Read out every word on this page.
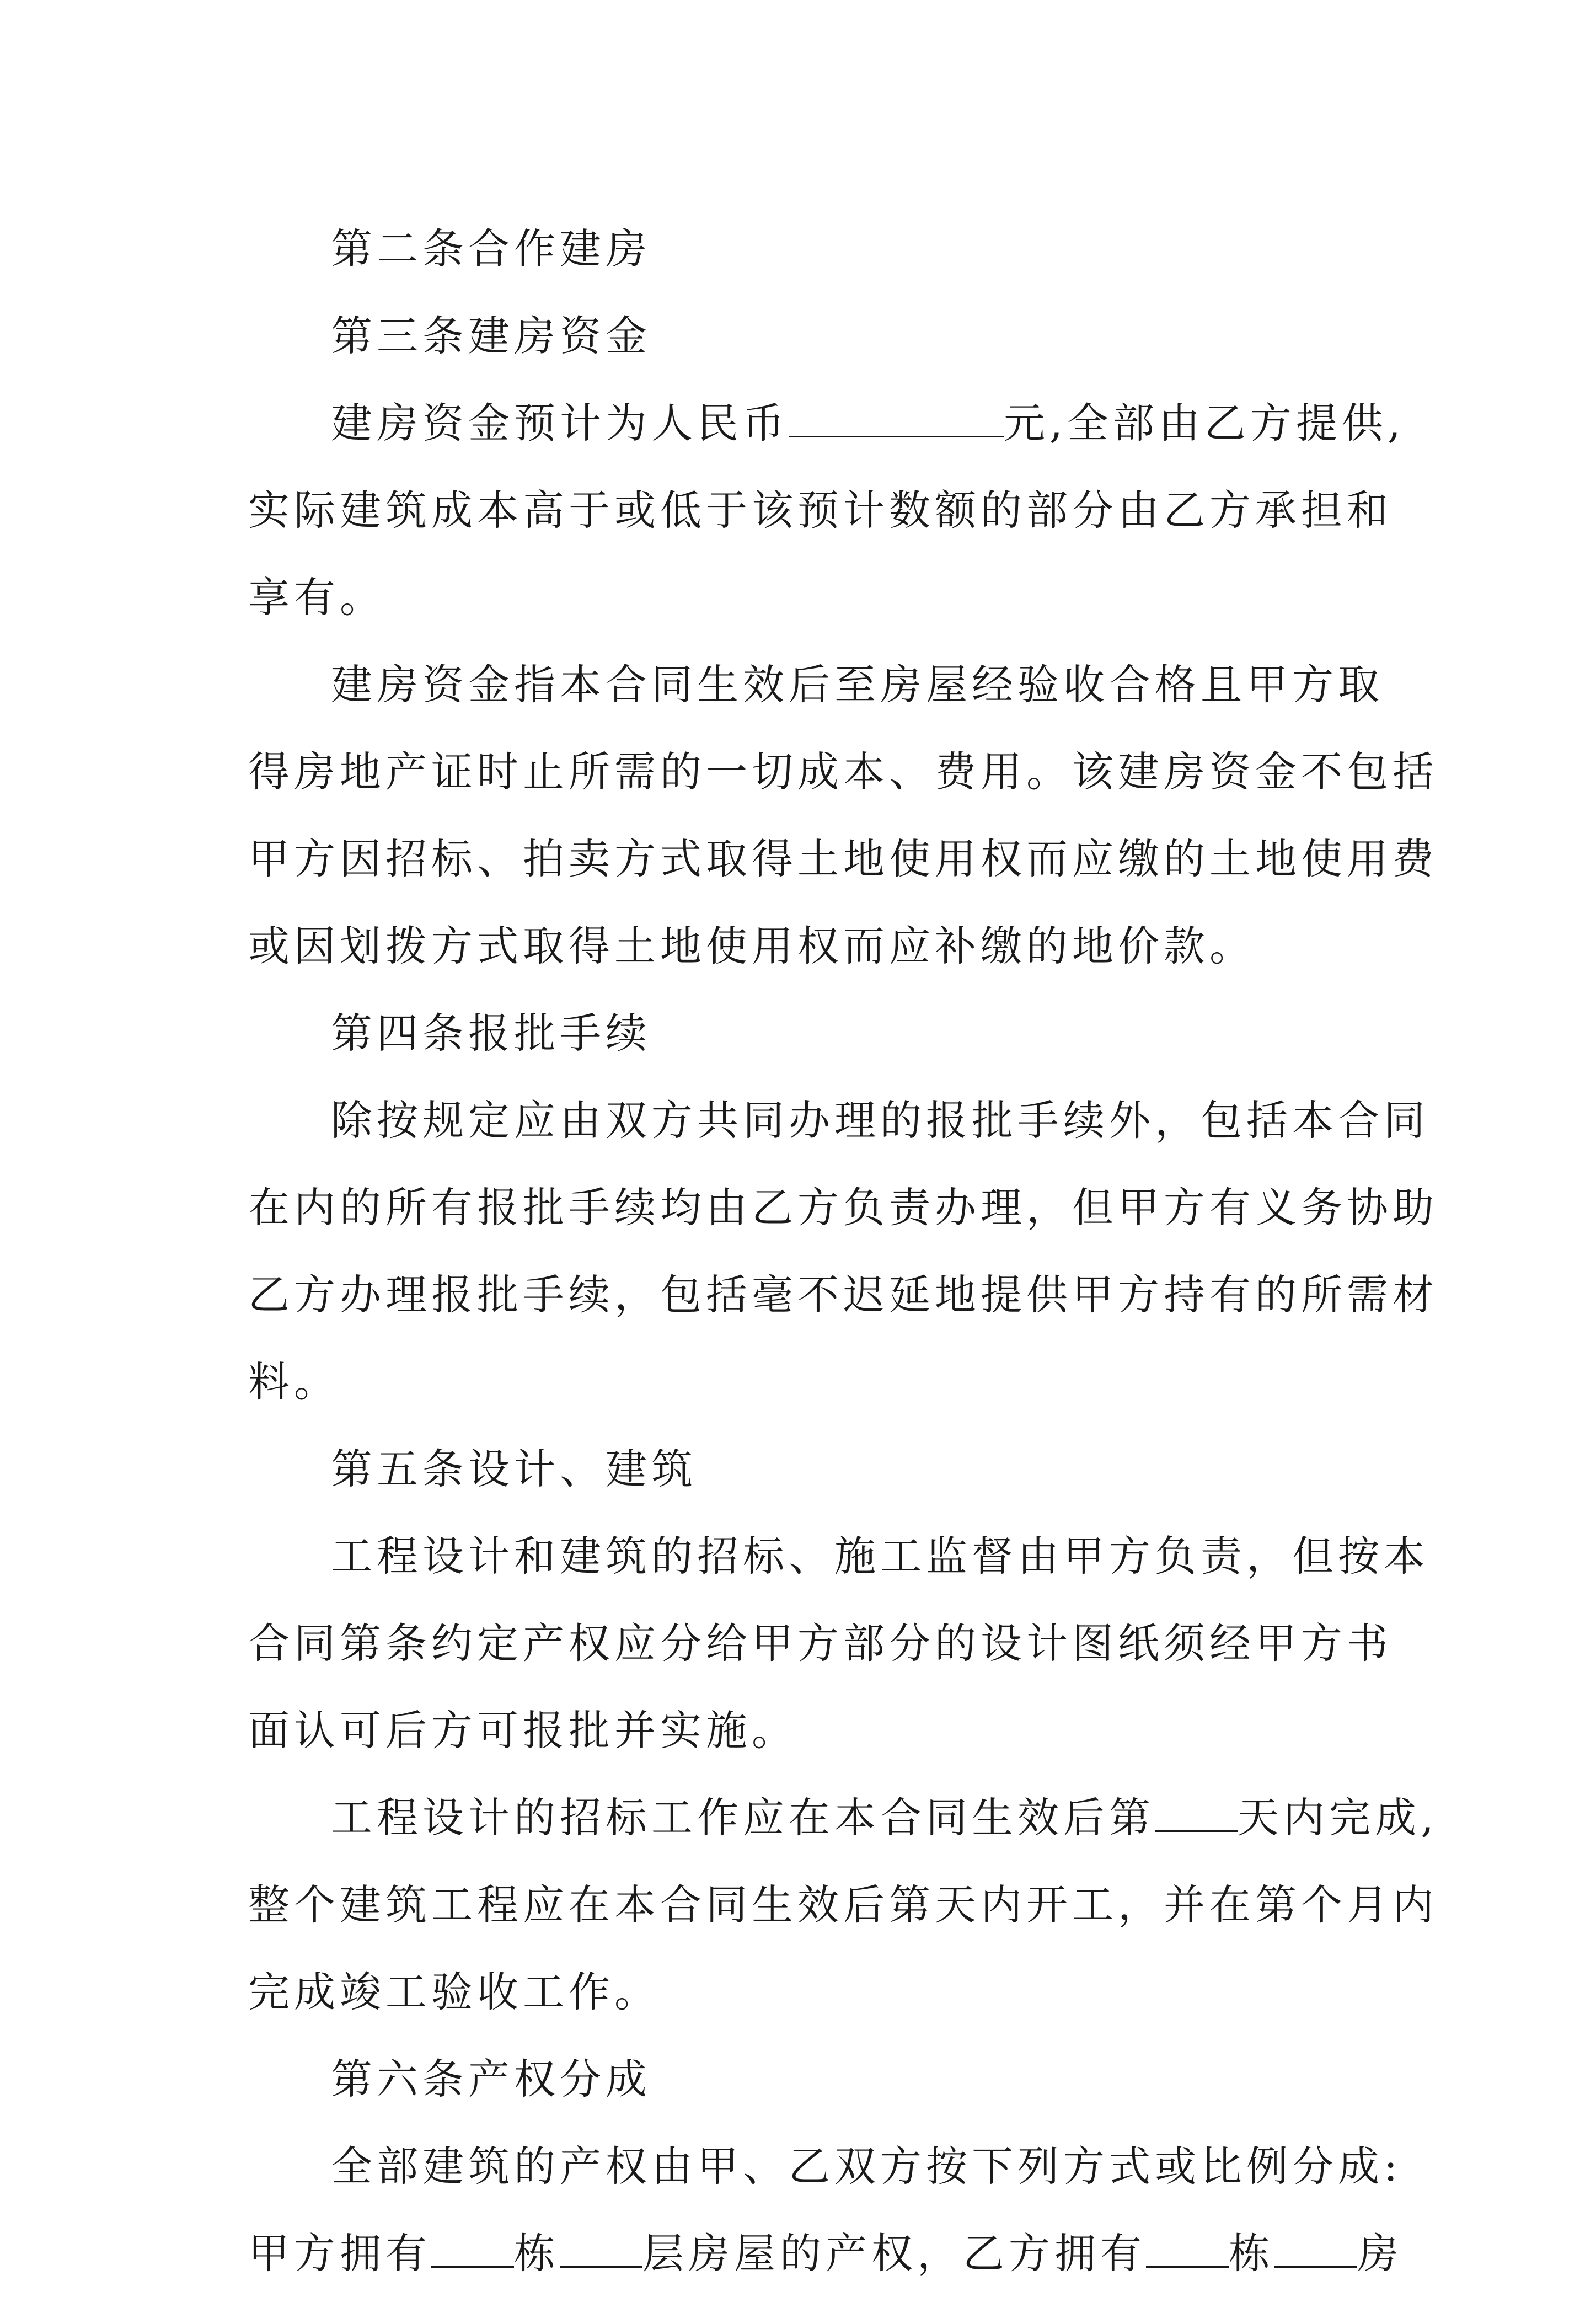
第二条合作建房
第三条建房资金
建房资金预计为人民币	元,全部由乙方提供,
实际建筑成本高于或低于该预计数额的部分由乙方承担和
享有。
建房资金指本合同生效后至房屋经验收合格且甲方取
得房地产证时止所需的一切成本、费用。该建房资金不包括
甲方因招标、拍卖方式取得土地使用权而应缴的土地使用费
或因划拨方式取得土地使用权而应补缴的地价款。
第四条报批手续
除按规定应由双方共同办理的报批手续外，包括本合同
在内的所有报批手续均由乙方负责办理，但甲方有义务协助
乙方办理报批手续，包括毫不迟延地提供甲方持有的所需材
料。
第五条设计、建筑
工程设计和建筑的招标、施工监督由甲方负责，但按本
合同第条约定产权应分给甲方部分的设计图纸须经甲方书
面认可后方可报批并实施。
工程设计的招标工作应在本合同生效后第 天内完成,
整个建筑工程应在本合同生效后第天内开工，并在第个月内
完成竣工验收工作。
第六条产权分成
全部建筑的产权由甲、乙双方按下列方式或比例分成:
甲方拥有 栋 层房屋的产权，乙方拥有 栋 房
